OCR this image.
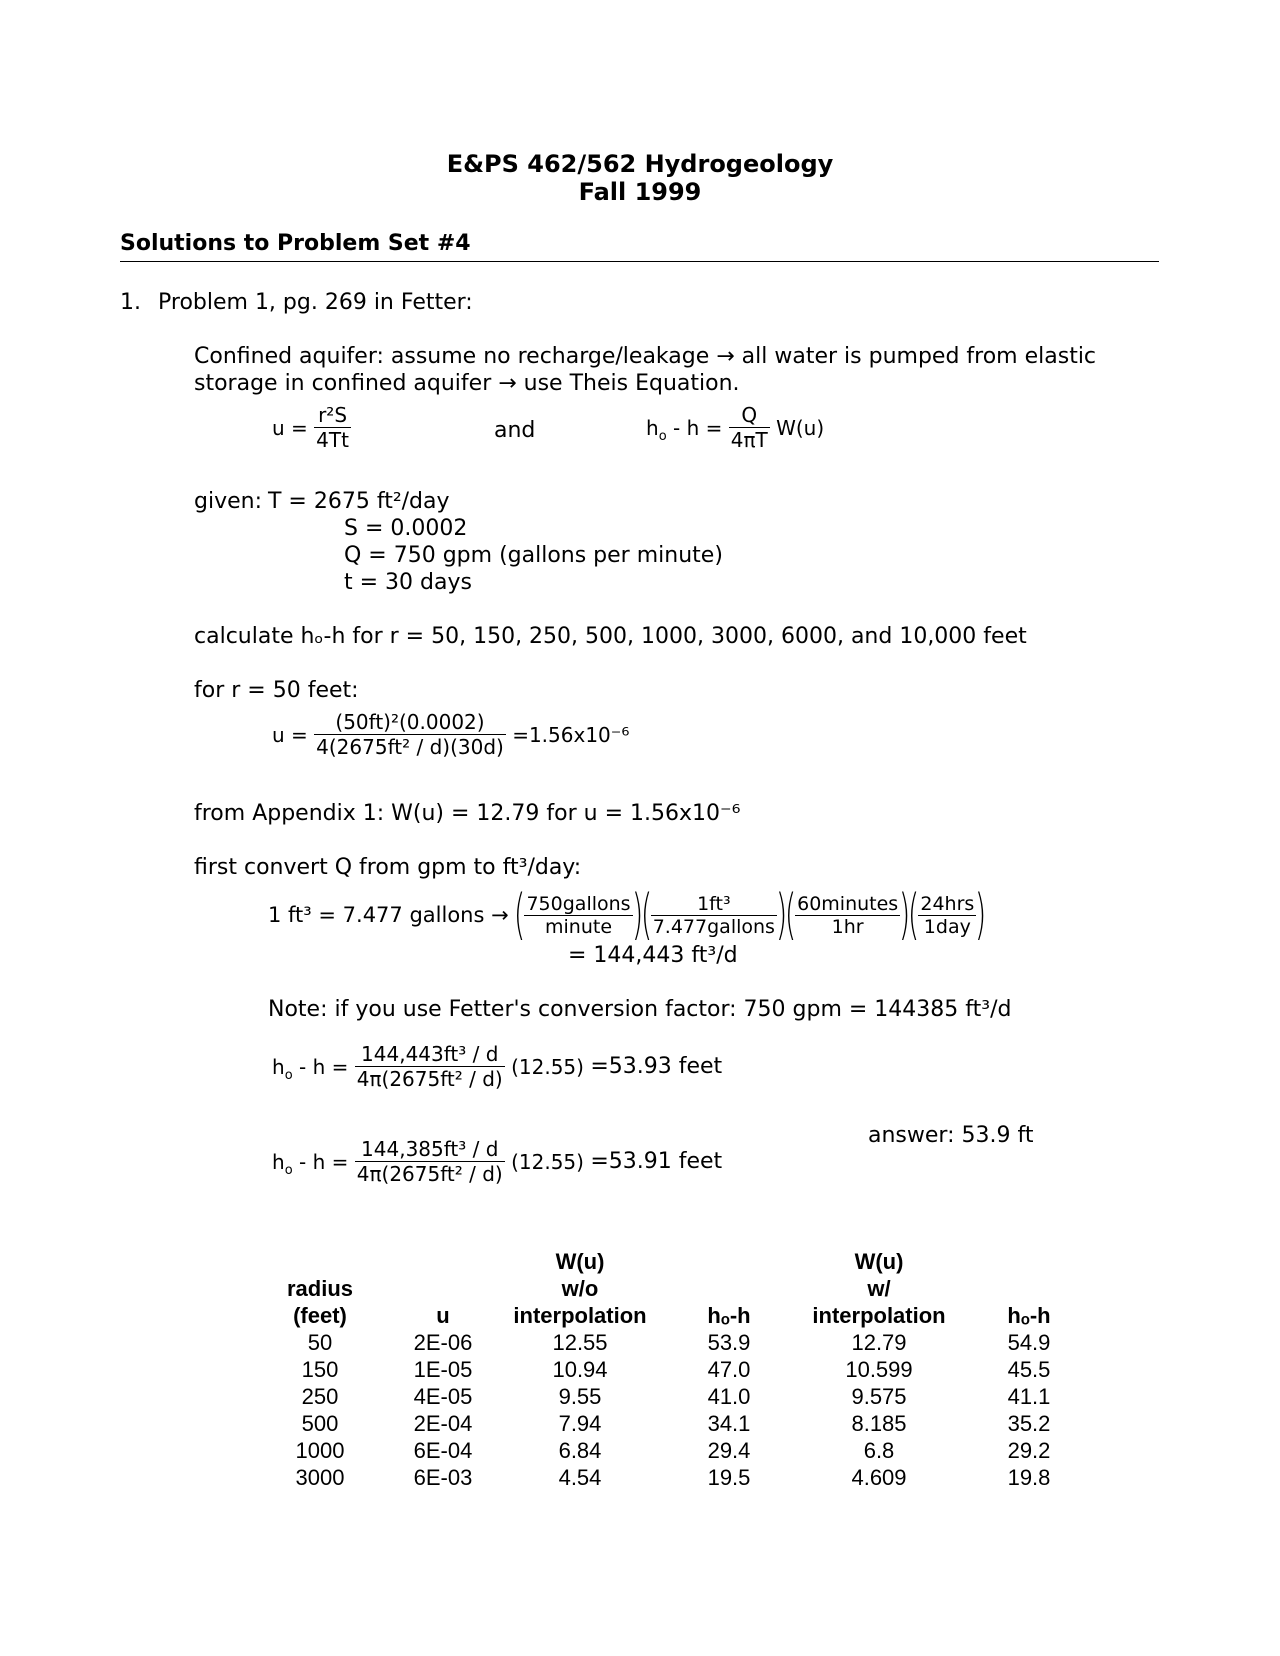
E&PS 462/562 Hydrogeology
Fall 1999
Solutions to Problem Set #4
1. Problem 1, pg. 269 in Fetter:
Confined aquifer: assume no recharge/leakage → all water is pumped from elastic
storage in confined aquifer → use Theis Equation.
$u = \frac{\text{r²S}}{4Tt}$	and	$h_o - h = \frac{Q}{4\pi T} W(u)$
given: T = 2675 ft²/day
S = 0.0002
Q = 750 gpm (gallons per minute)
t = 30 days
calculate hₒ-h for r = 50, 150, 250, 500, 1000, 3000, 6000, and 10,000 feet
for r = 50 feet:
$u = \frac{\text{(50ft)²(0.0002)}}{\text{4(2675ft² / d)(30d)}} =1.56x10^{-6}$
from Appendix 1: W(u) = 12.79 for u = 1.56x10⁻⁶
first convert Q from gpm to ft³/day:
1 ft³ = 7.477 gallons → (
$\frac{\text{750gallons}}{\text{minute}}$
)(
$\frac{\text{1ft³}}{\text{7.477gallons}}$
)(
$\frac{\text{60minutes}}{1hr}$
)(
$\frac{\text{24hrs}}{\text{1day}}$
)
= 144,443 ft³/d
Note: if you use Fetter's conversion factor: 750 gpm = 144385 ft³/d
$h_o - h = \frac{\text{144,443ft³ / d}}{\text{4π(2675ft² / d)}} (12.55) =53.93$ feet
answer: 53.9 ft
$h_o - h = \frac{\text{144,385ft³ / d}}{\text{4π(2675ft² / d)}} (12.55) =53.91$ feet

radius
(feet)	u	W(u)
w/o
interpolation	hₒ-h	W(u)
w/
interpolation	hₒ-h

50	2E-06	12.55	53.9	12.79	54.9
150	1E-05	10.94	47.0	10.599	45.5
250	4E-05	9.55	41.0	9.575	41.1
500	2E-04	7.94	34.1	8.185	35.2
1000	6E-04	6.84	29.4	6.8	29.2
3000	6E-03	4.54	19.5	4.609	19.8
